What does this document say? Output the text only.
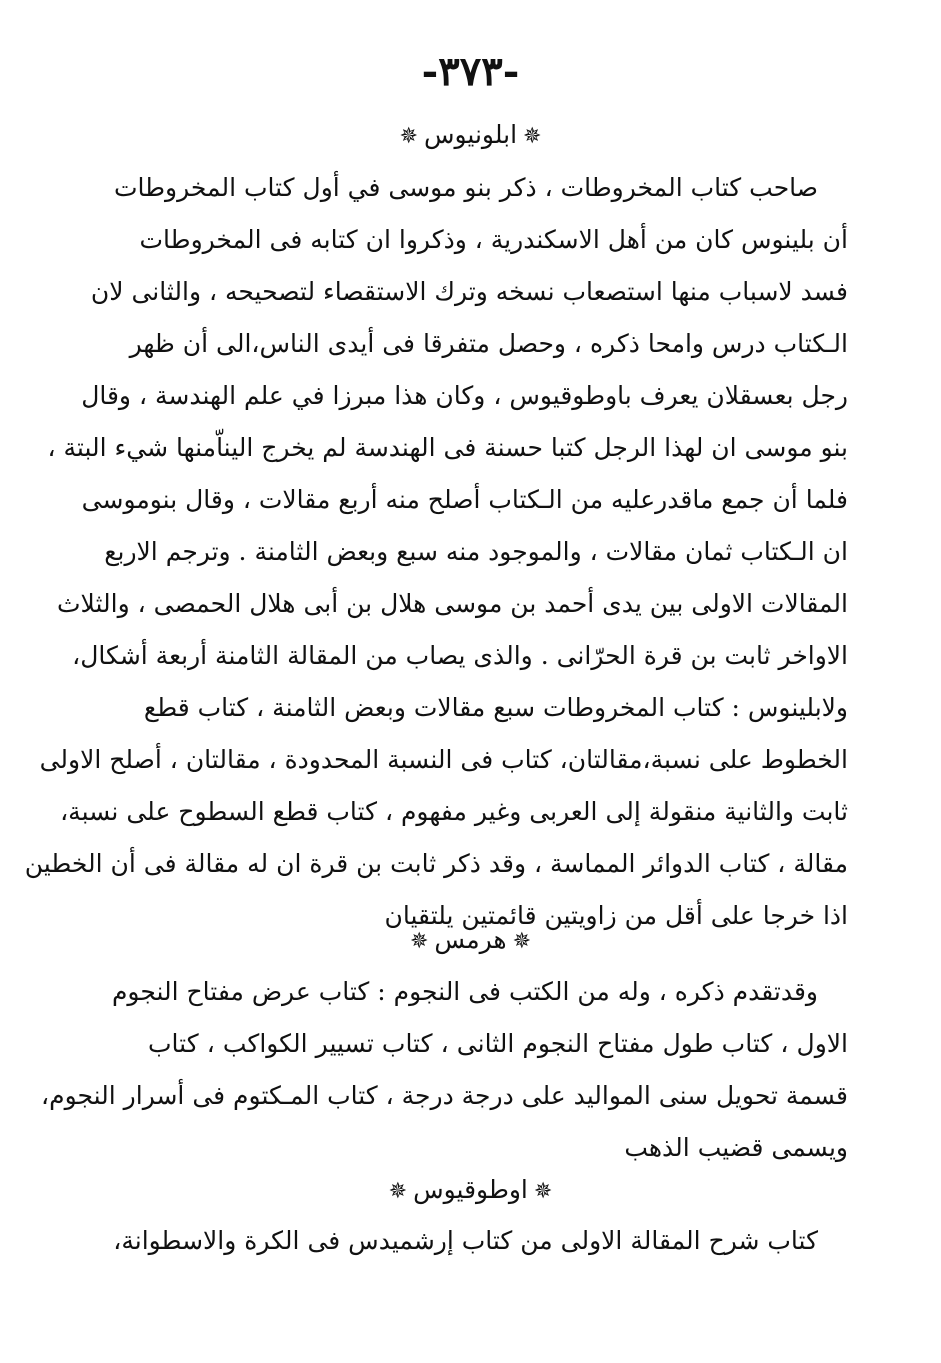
-٣٧٣-
✵ابلونيوس✵
صاحب كتاب المخروطات ، ذكر بنو موسى في أول كتاب المخروطات
أن بلينوس كان من أهل الاسكندرية ، وذكروا ان كتابه فى المخروطات
فسد لاسباب منها استصعاب نسخه وترك الاستقصاء لتصحيحه ، والثانى لان
الـكتاب درس وامحا ذكره ، وحصل متفرقا فى أيدى الناس،الى أن ظهر
رجل بعسقلان يعرف باوطوقيوس ، وكان هذا مبرزا في علم الهندسة ، وقال
بنو موسى ان لهذا الرجل كتبا حسنة فى الهندسة لم يخرج اليناّمنها شيء البتة ،
فلما أن جمع ماقدرعليه من الـكتاب أصلح منه أربع مقالات ، وقال بنوموسى
ان الـكتاب ثمان مقالات ، والموجود منه سبع وبعض الثامنة . وترجم الاربع
المقالات الاولى بين يدى أحمد بن موسى هلال بن أبى هلال الحمصى ، والثلاث
الاواخر ثابت بن قرة الحرّانى . والذى يصاب من المقالة الثامنة أربعة أشكال،
ولابلينوس : كتاب المخروطات سبع مقالات وبعض الثامنة ، كتاب قطع
الخطوط على نسبة،مقالتان، كتاب فى النسبة المحدودة ، مقالتان ، أصلح الاولى
ثابت والثانية منقولة إلى العربى وغير مفهوم ، كتاب قطع السطوح على نسبة،
مقالة ، كتاب الدوائر المماسة ، وقد ذكر ثابت بن قرة ان له مقالة فى أن الخطين
اذا خرجا على أقل من زاويتين قائمتين يلتقيان
✵هرمس✵
وقدتقدم ذكره ، وله من الكتب فى النجوم : كتاب عرض مفتاح النجوم
الاول ، كتاب طول مفتاح النجوم الثانى ، كتاب تسيير الكواكب ، كتاب
قسمة تحويل سنى المواليد على درجة درجة ، كتاب المـكتوم فى أسرار النجوم،
ويسمى قضيب الذهب
✵اوطوقيوس✵
كتاب شرح المقالة الاولى من كتاب إرشميدس فى الكرة والاسطوانة،
